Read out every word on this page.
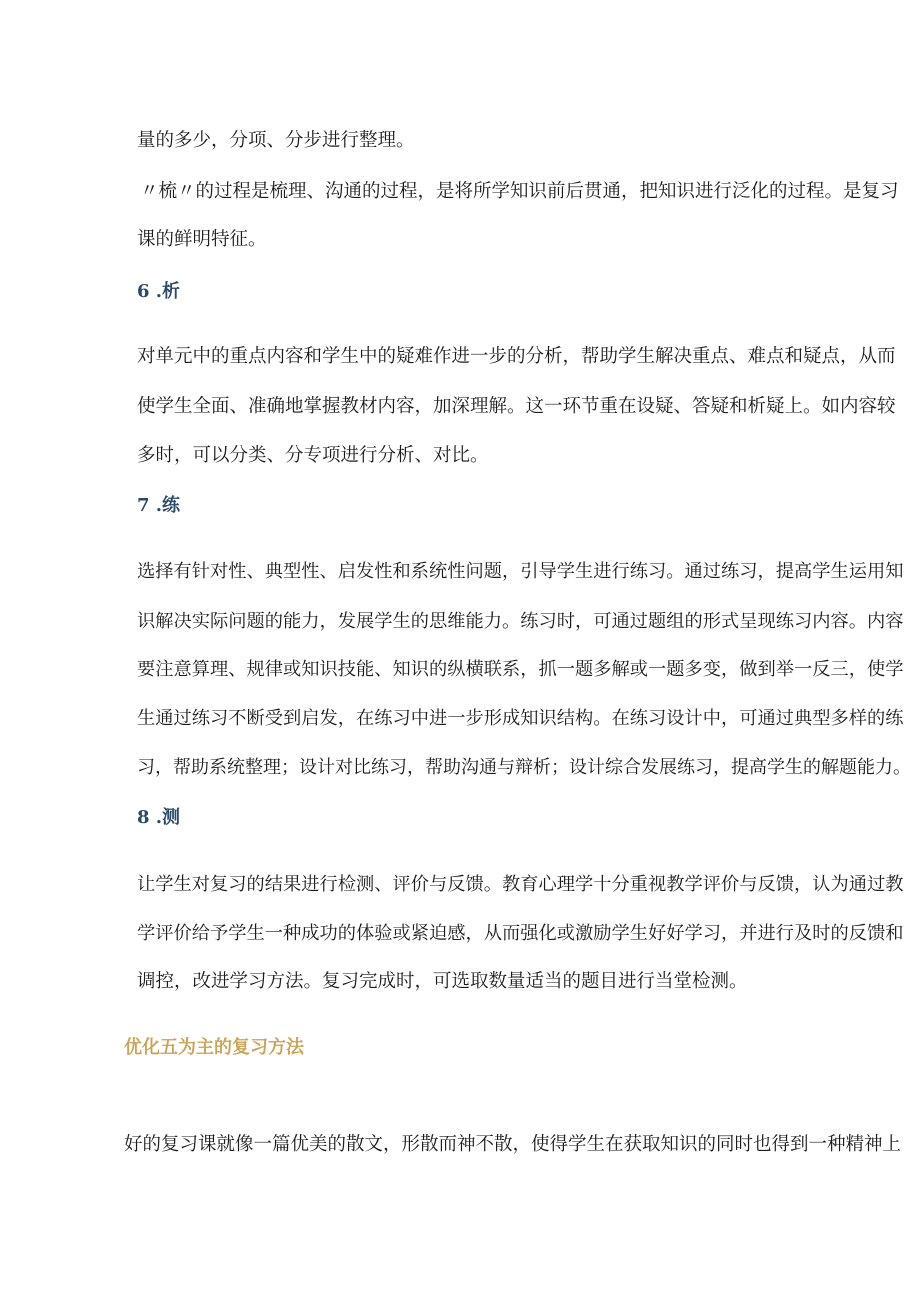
量的多少，分项、分步进行整理。
〃梳〃的过程是梳理、沟通的过程，是将所学知识前后贯通，把知识进行泛化的过程。是复习
课的鲜明特征。
6 .析
对单元中的重点内容和学生中的疑难作进一步的分析，帮助学生解决重点、难点和疑点，从而
使学生全面、准确地掌握教材内容，加深理解。这一环节重在设疑、答疑和析疑上。如内容较
多时，可以分类、分专项进行分析、对比。
7 .练
选择有针对性、典型性、启发性和系统性问题，引导学生进行练习。通过练习，提高学生运用知
识解决实际问题的能力，发展学生的思维能力。练习时，可通过题组的形式呈现练习内容。内容
要注意算理、规律或知识技能、知识的纵横联系，抓一题多解或一题多变，做到举一反三，使学
生通过练习不断受到启发，在练习中进一步形成知识结构。在练习设计中，可通过典型多样的练
习，帮助系统整理；设计对比练习，帮助沟通与辩析；设计综合发展练习，提高学生的解题能力。
8 .测
让学生对复习的结果进行检测、评价与反馈。教育心理学十分重视教学评价与反馈，认为通过教
学评价给予学生一种成功的体验或紧迫感，从而强化或激励学生好好学习，并进行及时的反馈和
调控，改进学习方法。复习完成时，可选取数量适当的题目进行当堂检测。
优化五为主的复习方法
好的复习课就像一篇优美的散文，形散而神不散，使得学生在获取知识的同时也得到一种精神上
